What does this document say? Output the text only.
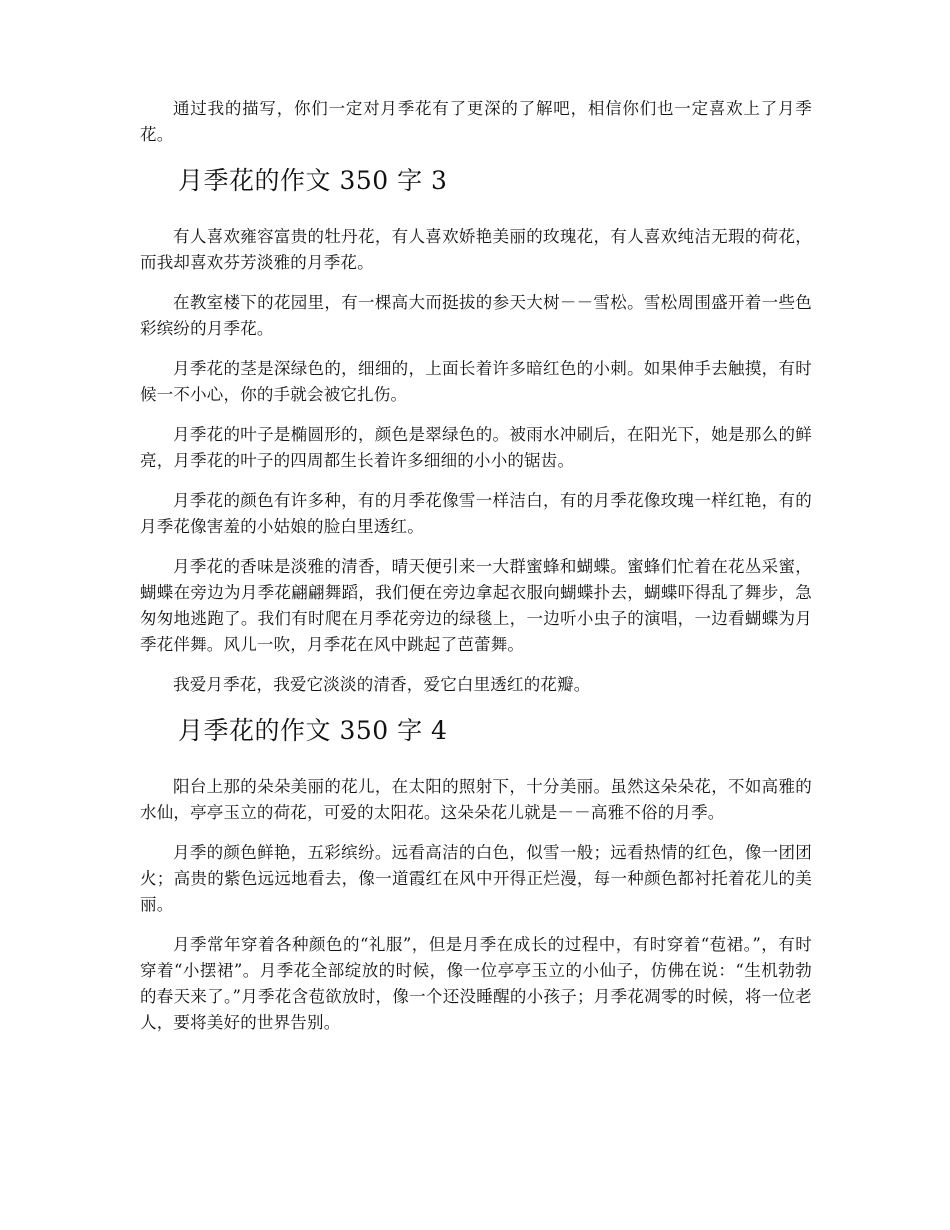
通过我的描写，你们一定对月季花有了更深的了解吧，相信你们也一定喜欢上了月季花。

月季花的作文 350 字 3

有人喜欢雍容富贵的牡丹花，有人喜欢娇艳美丽的玫瑰花，有人喜欢纯洁无瑕的荷花，而我却喜欢芬芳淡雅的月季花。

在教室楼下的花园里，有一棵高大而挺拔的参天大树－－雪松。雪松周围盛开着一些色彩缤纷的月季花。

月季花的茎是深绿色的，细细的，上面长着许多暗红色的小刺。如果伸手去触摸，有时候一不小心，你的手就会被它扎伤。

月季花的叶子是椭圆形的，颜色是翠绿色的。被雨水冲刷后，在阳光下，她是那么的鲜亮，月季花的叶子的四周都生长着许多细细的小小的锯齿。

月季花的颜色有许多种，有的月季花像雪一样洁白，有的月季花像玫瑰一样红艳，有的月季花像害羞的小姑娘的脸白里透红。

月季花的香味是淡雅的清香，晴天便引来一大群蜜蜂和蝴蝶。蜜蜂们忙着在花丛采蜜，蝴蝶在旁边为月季花翩翩舞蹈，我们便在旁边拿起衣服向蝴蝶扑去，蝴蝶吓得乱了舞步，急匆匆地逃跑了。我们有时爬在月季花旁边的绿毯上，一边听小虫子的演唱，一边看蝴蝶为月季花伴舞。风儿一吹，月季花在风中跳起了芭蕾舞。

我爱月季花，我爱它淡淡的清香，爱它白里透红的花瓣。

月季花的作文 350 字 4

阳台上那的朵朵美丽的花儿，在太阳的照射下，十分美丽。虽然这朵朵花，不如高雅的水仙，亭亭玉立的荷花，可爱的太阳花。这朵朵花儿就是－－高雅不俗的月季。

月季的颜色鲜艳，五彩缤纷。远看高洁的白色，似雪一般；远看热情的红色，像一团团火；高贵的紫色远远地看去，像一道霞红在风中开得正烂漫，每一种颜色都衬托着花儿的美丽。

月季常年穿着各种颜色的“礼服”，但是月季在成长的过程中，有时穿着“苞裙。”，有时穿着“小摆裙”。月季花全部绽放的时候，像一位亭亭玉立的小仙子，仿佛在说：“生机勃勃的春天来了。”月季花含苞欲放时，像一个还没睡醒的小孩子；月季花凋零的时候，将一位老人，要将美好的世界告别。
